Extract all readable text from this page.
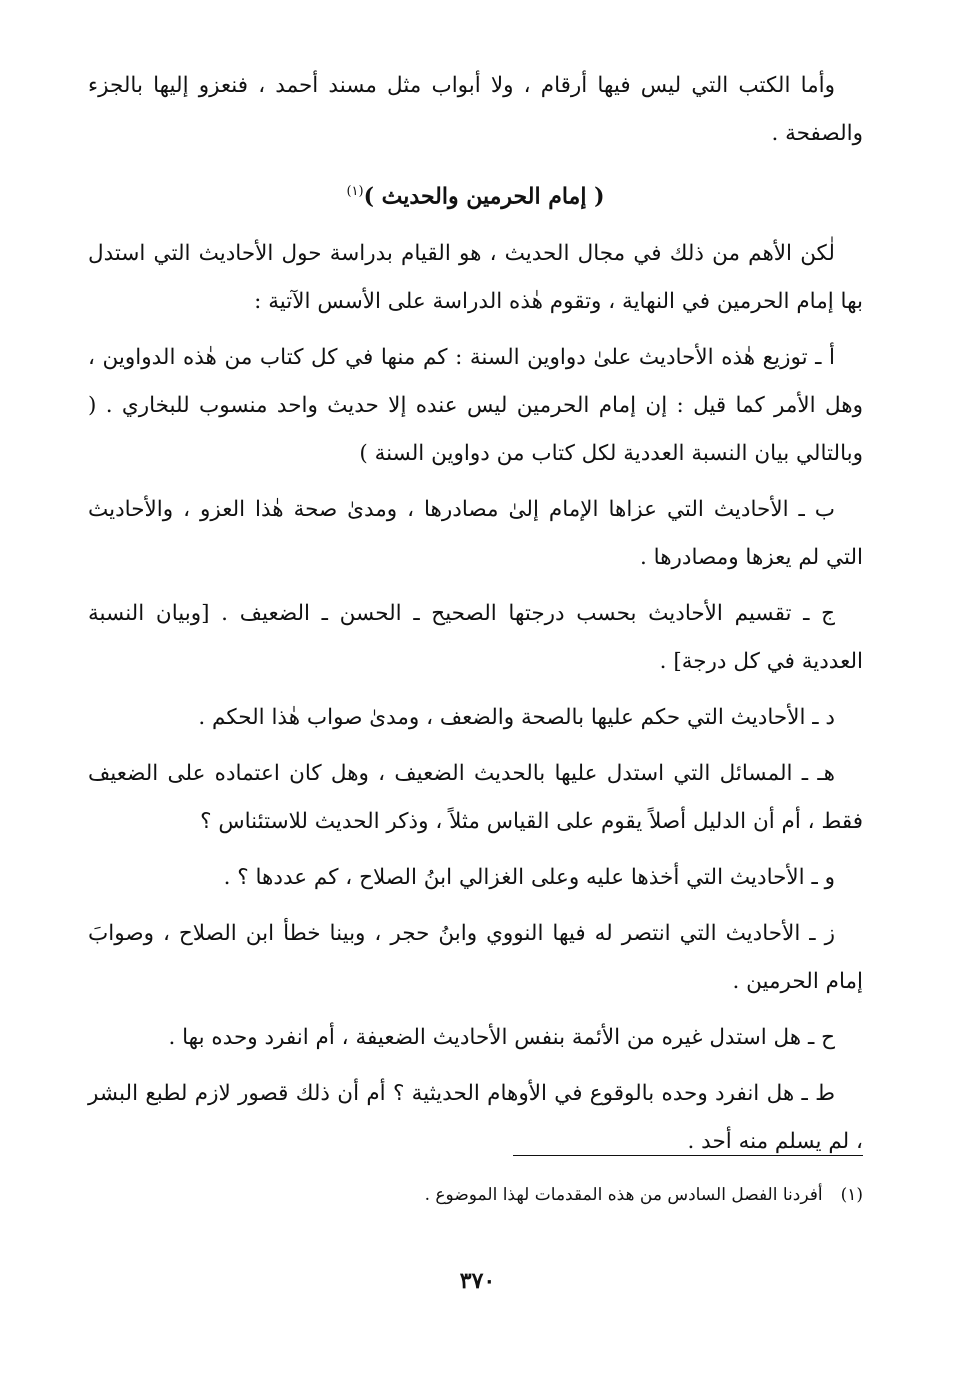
وأما الكتب التي ليس فيها أرقام ، ولا أبواب مثل مسند أحمد ، فنعزو إليها بالجزء والصفحة .

( إمام الحرمين والحديث )$^{(١)}$

لٰكن الأهم من ذلك في مجال الحديث ، هو القيام بدراسة حول الأحاديث التي استدل بها إمام الحرمين في النهاية ، وتقوم هٰذه الدراسة على الأسس الآتية :

أ ـ توزيع هٰذه الأحاديث علىٰ دواوين السنة : كم منها في كل كتاب من هٰذه الدواوين ، وهل الأمر كما قيل : إن إمام الحرمين ليس عنده إلا حديث واحد منسوب للبخاري . ( وبالتالي بيان النسبة العددية لكل كتاب من دواوين السنة )

ب ـ الأحاديث التي عزاها الإمام إلىٰ مصادرها ، ومدىٰ صحة هٰذا العزو ، والأحاديث التي لم يعزها ومصادرها .

ج ـ تقسيم الأحاديث بحسب درجتها الصحيح ـ الحسن ـ الضعيف . [وبيان النسبة العددية في كل درجة] .

د ـ الأحاديث التي حكم عليها بالصحة والضعف ، ومدىٰ صواب هٰذا الحكم .

هـ ـ المسائل التي استدل عليها بالحديث الضعيف ، وهل كان اعتماده على الضعيف فقط ، أم أن الدليل أصلاً يقوم على القياس مثلاً ، وذكر الحديث للاستئناس ؟

و ـ الأحاديث التي أخذها عليه وعلى الغزالي ابنُ الصلاح ، كم عددها ؟ .

ز ـ الأحاديث التي انتصر له فيها النووي وابنُ حجر ، وبينا خطأ ابن الصلاح ، وصوابَ إمام الحرمين .

ح ـ هل استدل غيره من الأئمة بنفس الأحاديث الضعيفة ، أم انفرد وحده بها .

ط ـ هل انفرد وحده بالوقوع في الأوهام الحديثية ؟ أم أن ذلك قصور لازم لطبع البشر ، لم يسلم منه أحد .

(١)أفردنا الفصل السادس من هذه المقدمات لهذا الموضوع .
٣٧٠
